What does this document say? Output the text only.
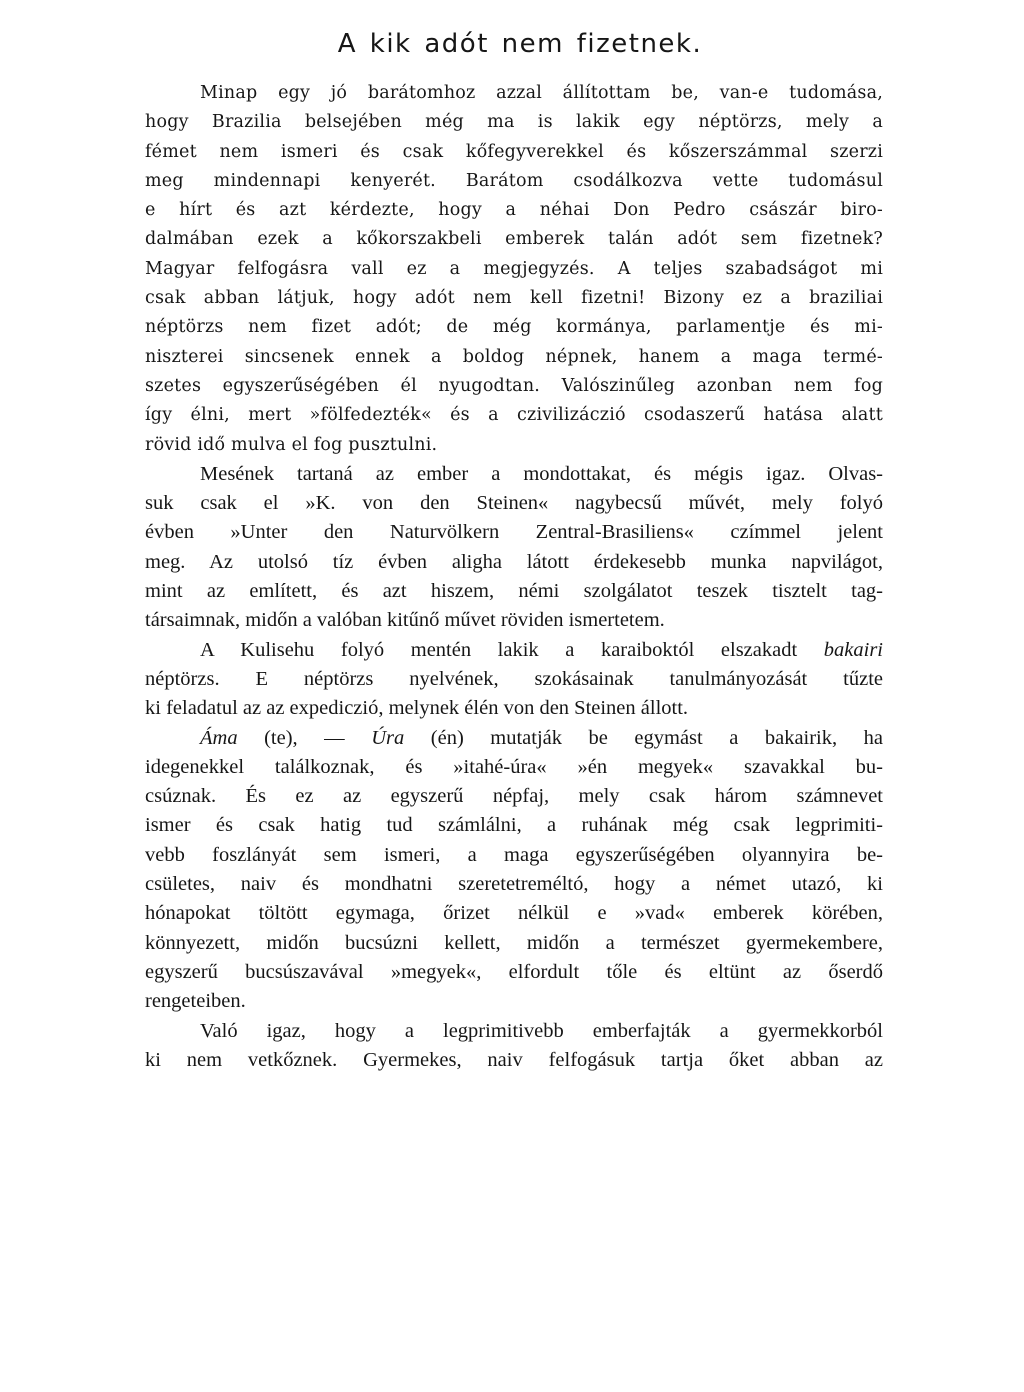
A kik adót nem fizetnek.
Minap egy jó barátomhoz azzal állítottam be, van-e tudomása,
hogy Brazilia belsejében még ma is lakik egy néptörzs, mely a
fémet nem ismeri és csak kőfegyverekkel és kőszerszámmal szerzi
meg mindennapi kenyerét. Barátom csodálkozva vette tudomásul
e hírt és azt kérdezte, hogy a néhai Don Pedro császár biro-
dalmában ezek a kőkorszakbeli emberek talán adót sem fizetnek?
Magyar felfogásra vall ez a megjegyzés. A teljes szabadságot mi
csak abban látjuk, hogy adót nem kell fizetni! Bizony ez a braziliai
néptörzs nem fizet adót; de még kormánya, parlamentje és mi-
niszterei sincsenek ennek a boldog népnek, hanem a maga termé-
szetes egyszerűségében él nyugodtan. Valószinűleg azonban nem fog
így élni, mert »fölfedezték« és a czivilizáczió csodaszerű hatása alatt
rövid idő mulva el fog pusztulni.
Mesének tartaná az ember a mondottakat, és mégis igaz. Olvas-
suk csak el »K. von den Steinen« nagybecsű művét, mely folyó
évben »Unter den Naturvölkern Zentral-Brasiliens« czímmel jelent
meg. Az utolsó tíz évben aligha látott érdekesebb munka napvilágot,
mint az említett, és azt hiszem, némi szolgálatot teszek tisztelt tag-
társaimnak, midőn a valóban kitűnő művet röviden ismertetem.
A Kulisehu folyó mentén lakik a karaiboktól elszakadt bakairi
néptörzs. E néptörzs nyelvének, szokásainak tanulmányozását tűzte
ki feladatul az az expediczió, melynek élén von den Steinen állott.
Áma (te), — Úra (én) mutatják be egymást a bakairik, ha
idegenekkel találkoznak, és »itahé-úra« »én megyek« szavakkal bu-
csúznak. És ez az egyszerű népfaj, mely csak három számnevet
ismer és csak hatig tud számlálni, a ruhának még csak legprimiti-
vebb foszlányát sem ismeri, a maga egyszerűségében olyannyira be-
csületes, naiv és mondhatni szeretetreméltó, hogy a német utazó, ki
hónapokat töltött egymaga, őrizet nélkül e »vad« emberek körében,
könnyezett, midőn bucsúzni kellett, midőn a természet gyermekembere,
egyszerű bucsúszavával »megyek«, elfordult tőle és eltünt az őserdő
rengeteiben.
Való igaz, hogy a legprimitivebb emberfajták a gyermekkorból
ki nem vetkőznek. Gyermekes, naiv felfogásuk tartja őket abban az
